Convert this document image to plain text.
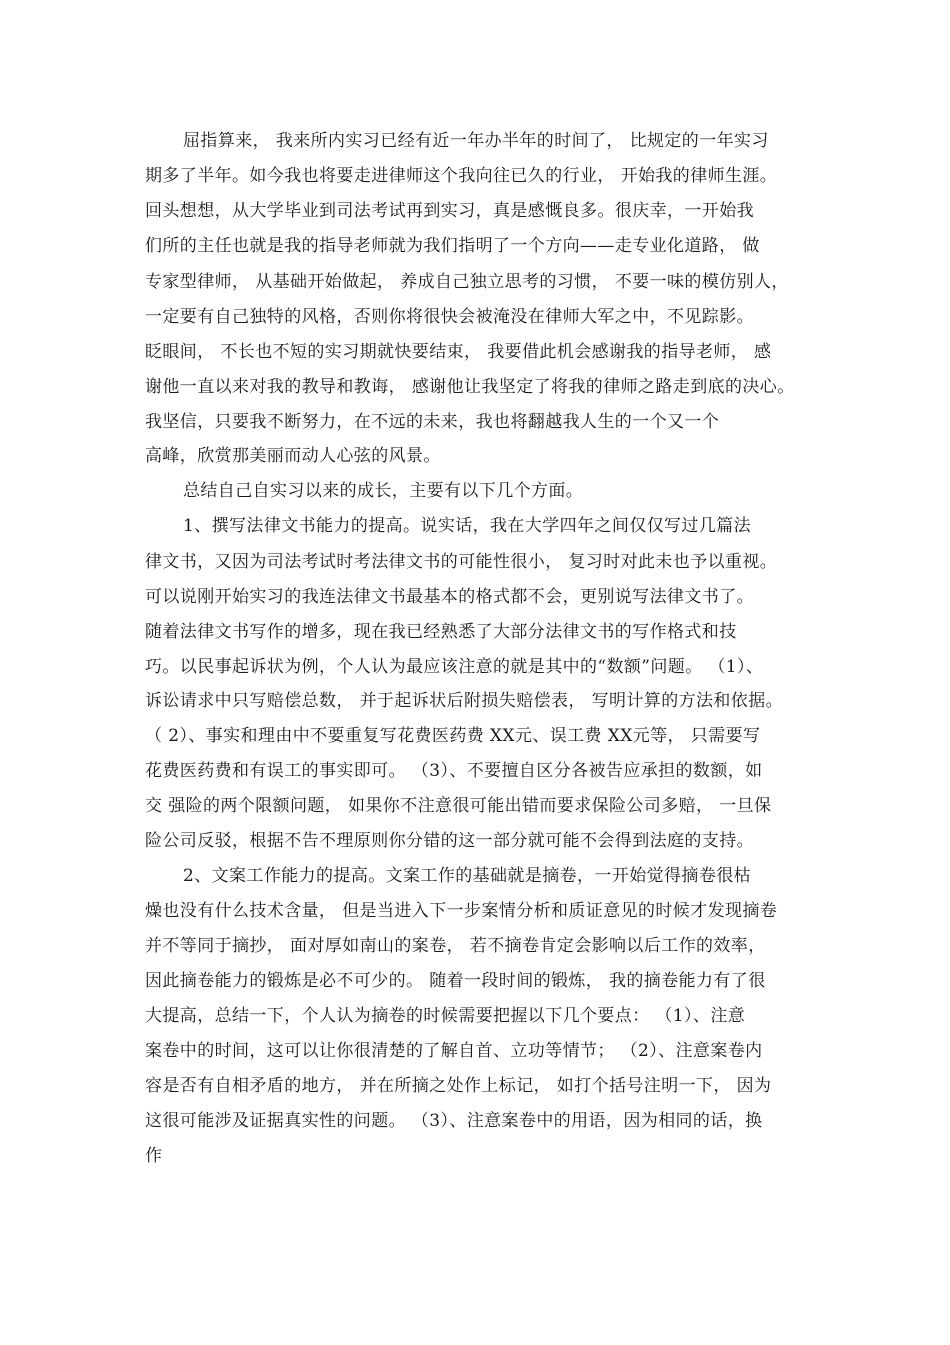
屈指算来， 我来所内实习已经有近一年办半年的时间了， 比规定的一年实习
期多了半年。如今我也将要走进律师这个我向往已久的行业， 开始我的律师生涯。
回头想想，从大学毕业到司法考试再到实习，真是感慨良多。很庆幸，一开始我
们所的主任也就是我的指导老师就为我们指明了一个方向——走专业化道路， 做
专家型律师， 从基础开始做起， 养成自己独立思考的习惯， 不要一味的模仿别人，
一定要有自己独特的风格，否则你将很快会被淹没在律师大军之中，不见踪影。
眨眼间， 不长也不短的实习期就快要结束， 我要借此机会感谢我的指导老师， 感
谢他一直以来对我的教导和教诲， 感谢他让我坚定了将我的律师之路走到底的决心。
我坚信，只要我不断努力，在不远的未来，我也将翻越我人生的一个又一个
高峰，欣赏那美丽而动人心弦的风景。
总结自己自实习以来的成长，主要有以下几个方面。
1、撰写法律文书能力的提高。说实话，我在大学四年之间仅仅写过几篇法
律文书，又因为司法考试时考法律文书的可能性很小， 复习时对此未也予以重视。
可以说刚开始实习的我连法律文书最基本的格式都不会，更别说写法律文书了。
随着法律文书写作的增多，现在我已经熟悉了大部分法律文书的写作格式和技
巧。以民事起诉状为例，个人认为最应该注意的就是其中的“数额”问题。 （1）、
诉讼请求中只写赔偿总数， 并于起诉状后附损失赔偿表， 写明计算的方法和依据。
（ 2）、事实和理由中不要重复写花费医药费 XX元、误工费 XX元等， 只需要写
花费医药费和有误工的事实即可。 （3）、不要擅自区分各被告应承担的数额，如
交 强险的两个限额问题， 如果你不注意很可能出错而要求保险公司多赔， 一旦保
险公司反驳，根据不告不理原则你分错的这一部分就可能不会得到法庭的支持。
2、文案工作能力的提高。文案工作的基础就是摘卷，一开始觉得摘卷很枯
燥也没有什么技术含量， 但是当进入下一步案情分析和质证意见的时候才发现摘卷
并不等同于摘抄， 面对厚如南山的案卷， 若不摘卷肯定会影响以后工作的效率，
因此摘卷能力的锻炼是必不可少的。 随着一段时间的锻炼， 我的摘卷能力有了很
大提高，总结一下，个人认为摘卷的时候需要把握以下几个要点： （1）、注意
案卷中的时间，这可以让你很清楚的了解自首、立功等情节； （2）、注意案卷内
容是否有自相矛盾的地方， 并在所摘之处作上标记， 如打个括号注明一下， 因为
这很可能涉及证据真实性的问题。 （3）、注意案卷中的用语，因为相同的话，换
作
